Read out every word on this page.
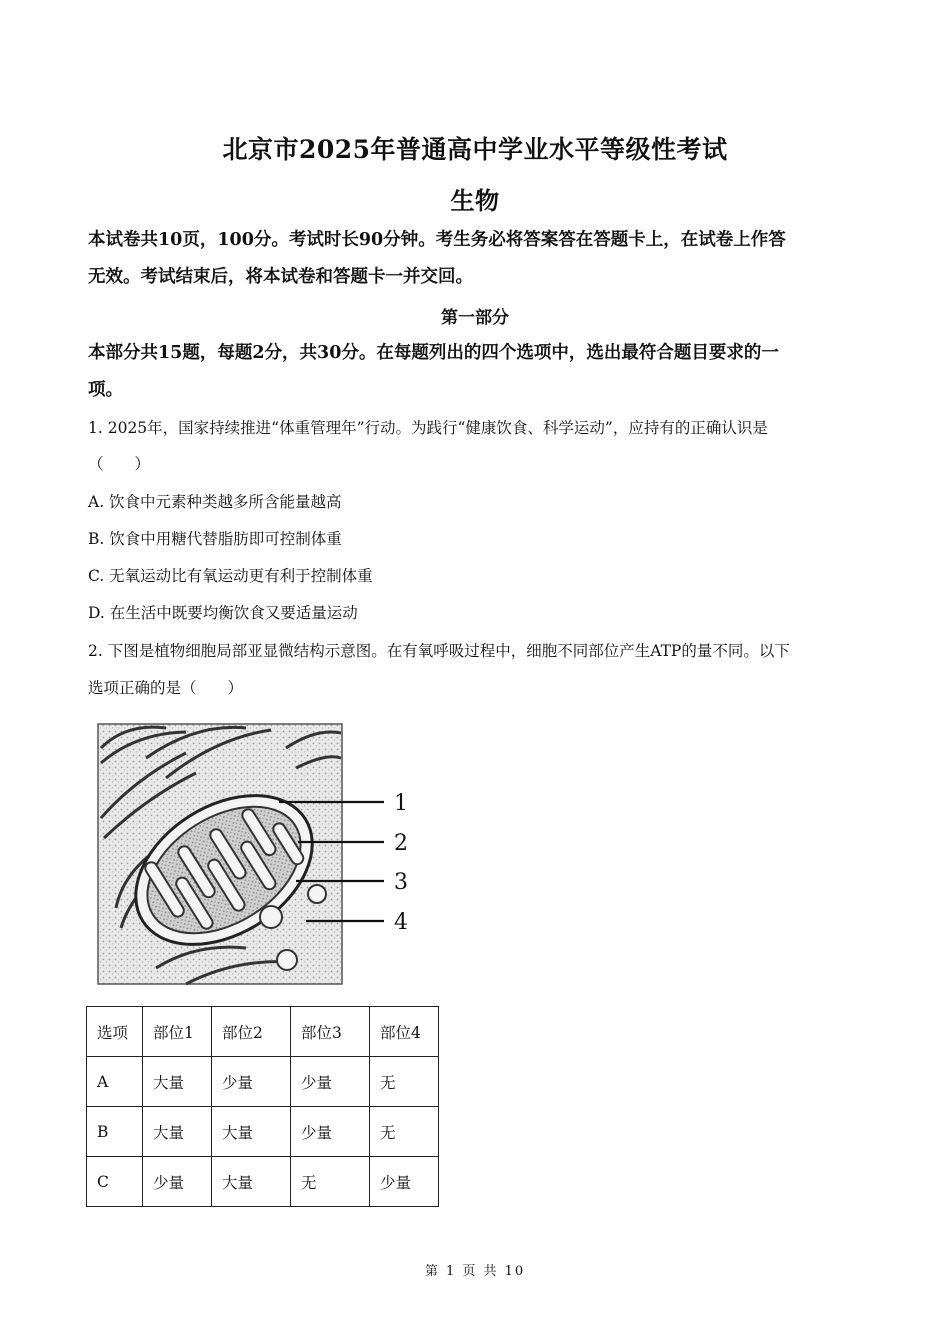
北京市2025年普通高中学业水平等级性考试
生物
本试卷共10页，100分。考试时长90分钟。考生务必将答案答在答题卡上，在试卷上作答
无效。考试结束后，将本试卷和答题卡一并交回。
第一部分
本部分共15题，每题2分，共30分。在每题列出的四个选项中，选出最符合题目要求的一
项。
1. 2025年，国家持续推进“体重管理年”行动。为践行“健康饮食、科学运动”，应持有的正确认识是
（　　）
A. 饮食中元素种类越多所含能量越高
B. 饮食中用糖代替脂肪即可控制体重
C. 无氧运动比有氧运动更有利于控制体重
D. 在生活中既要均衡饮食又要适量运动
2. 下图是植物细胞局部亚显微结构示意图。在有氧呼吸过程中，细胞不同部位产生ATP的量不同。以下
选项正确的是（　　）
1
2
3
4
选项	部位1	部位2	部位3	部位4
A	大量	少量	少量	无
B	大量	大量	少量	无
C	少量	大量	无	少量
第 1 页 共 10
